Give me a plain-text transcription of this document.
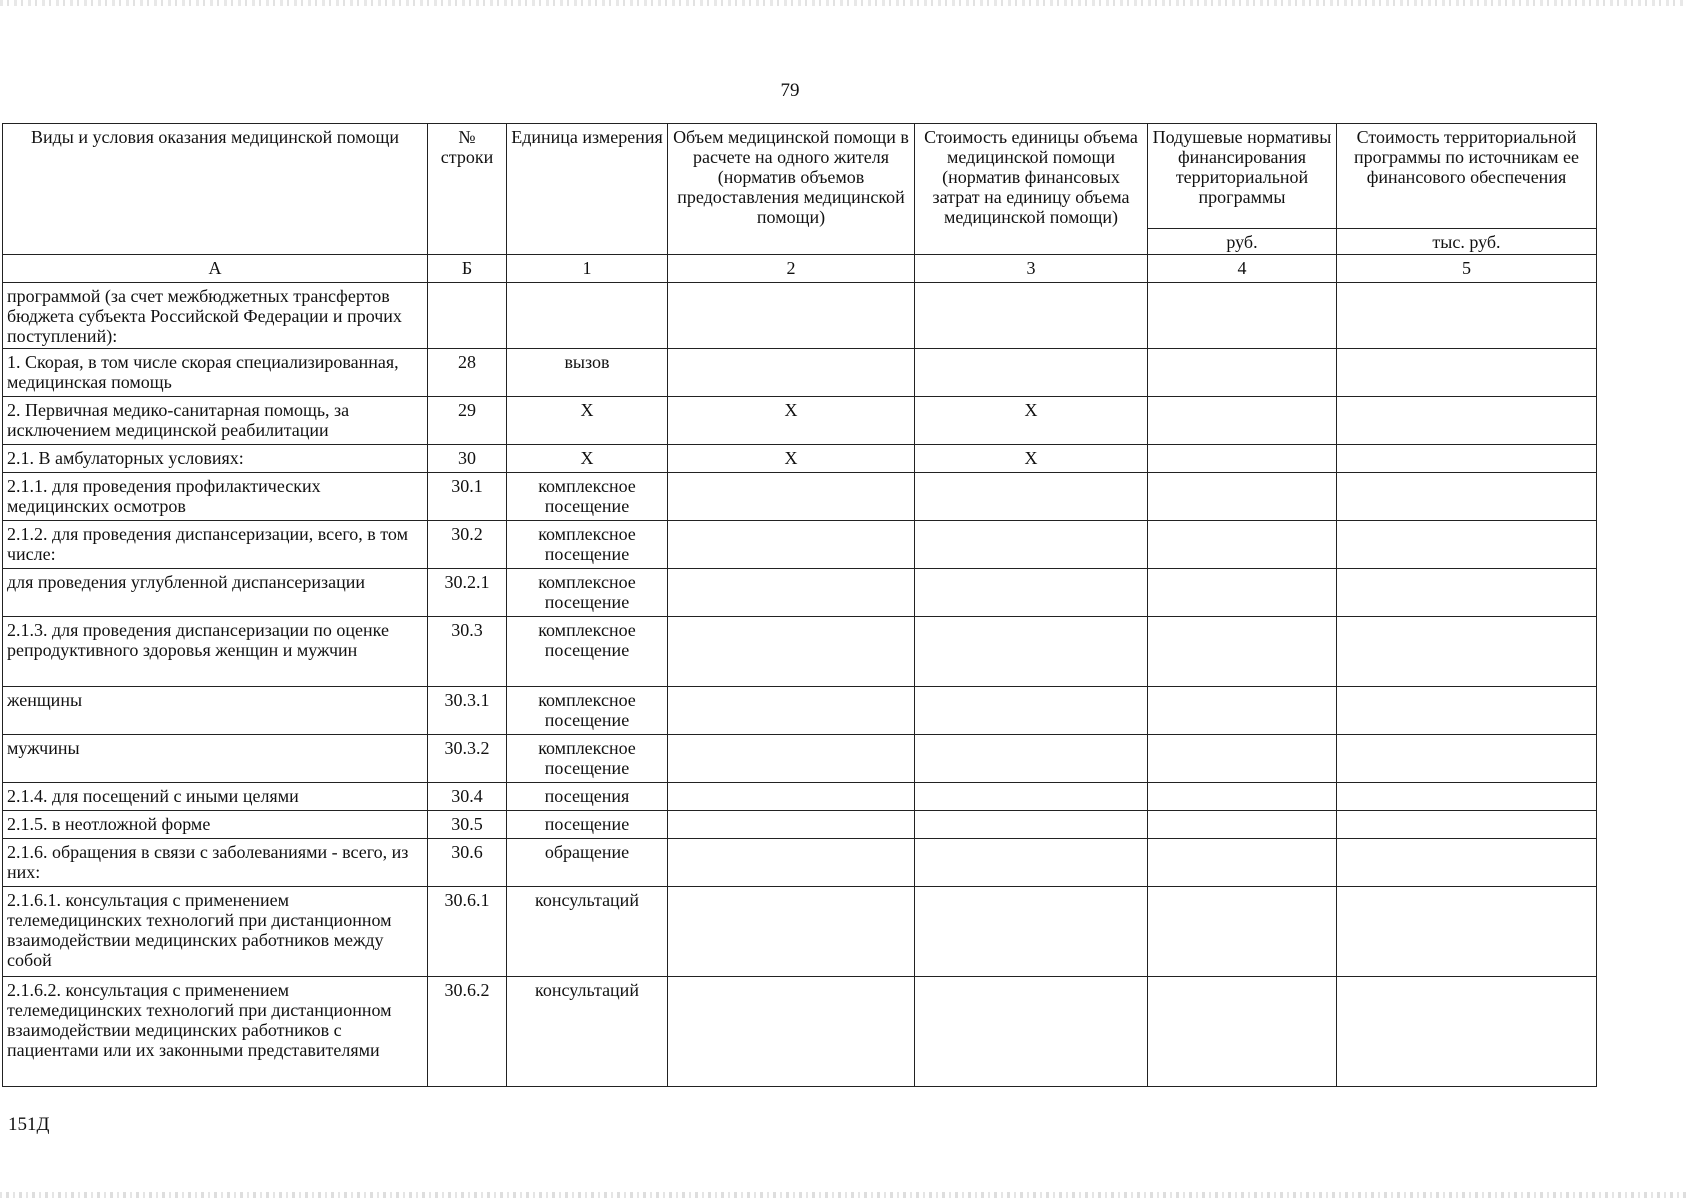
79
Виды и условия оказания медицинской помощи	№ строки	Единица измерения	Объем медицинской помощи в расчете на одного жителя (норматив объемов предоставления медицинской помощи)	Стоимость единицы объема медицинской помощи (норматив финансовых затрат на единицу объема медицинской помощи)	Подушевые нормативы финансирования территориальной программы	Стоимость территориальной программы по источникам ее финансового обеспечения
					руб.	тыс. руб.
А	Б	1	2	3	4	5
программой (за счет межбюджетных трансфертов бюджета субъекта Российской Федерации и прочих поступлений):						
1. Скорая, в том числе скорая специализированная, медицинская помощь	28	вызов				
2. Первичная медико-санитарная помощь, за исключением медицинской реабилитации	29	X	X	X		
2.1. В амбулаторных условиях:	30	X	X	X		
2.1.1. для проведения профилактических медицинских осмотров	30.1	комплексное посещение				
2.1.2. для проведения диспансеризации, всего, в том числе:	30.2	комплексное посещение				
для проведения углубленной диспансеризации	30.2.1	комплексное посещение				
2.1.3. для проведения диспансеризации по оценке репродуктивного здоровья женщин и мужчин	30.3	комплексное посещение				
женщины	30.3.1	комплексное посещение				
мужчины	30.3.2	комплексное посещение				
2.1.4. для посещений с иными целями	30.4	посещения				
2.1.5. в неотложной форме	30.5	посещение				
2.1.6. обращения в связи с заболеваниями - всего, из них:	30.6	обращение				
2.1.6.1. консультация с применением телемедицинских технологий при дистанционном взаимодействии медицинских работников между собой	30.6.1	консультаций				
2.1.6.2. консультация с применением телемедицинских технологий при дистанционном взаимодействии медицинских работников с пациентами или их законными представителями	30.6.2	консультаций				
151Д
